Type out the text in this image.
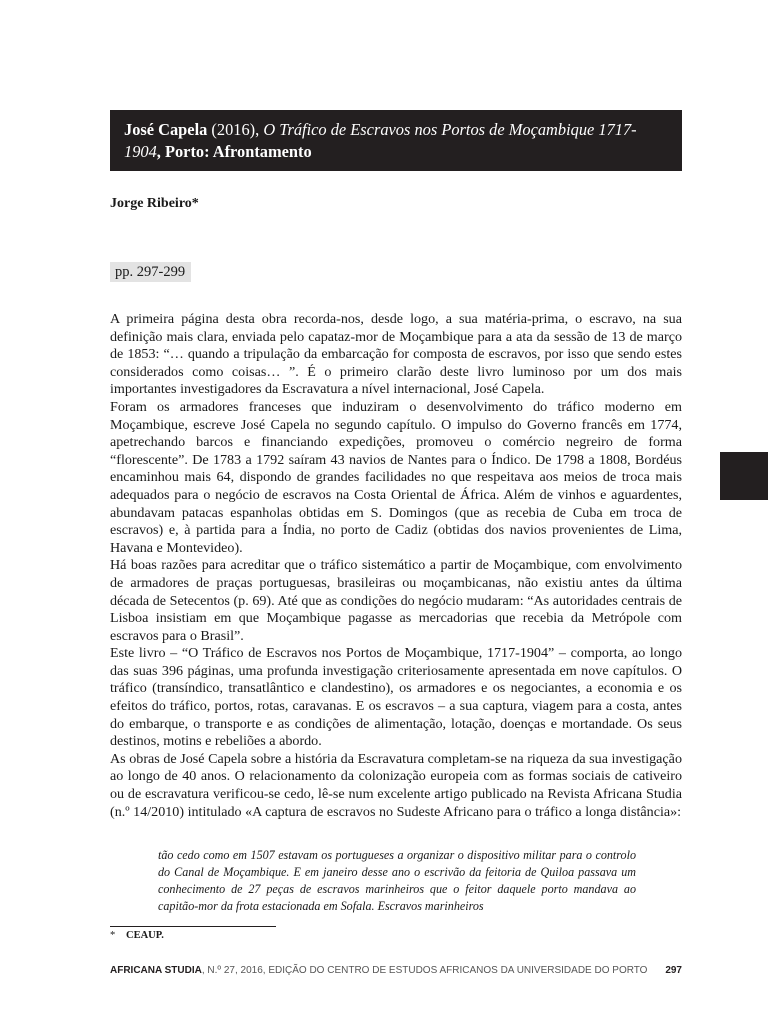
José Capela (2016), O Tráfico de Escravos nos Portos de Moçambique 1717-1904, Porto: Afrontamento
Jorge Ribeiro*
pp. 297-299

A primeira página desta obra recorda-nos, desde logo, a sua matéria-prima, o escravo, na sua definição mais clara, enviada pelo capataz-mor de Moçambique para a ata da sessão de 13 de março de 1853: “… quando a tripulação da embarcação for composta de escravos, por isso que sendo estes considerados como coisas… ”. É o primeiro clarão deste livro luminoso por um dos mais importantes investigadores da Escravatura a nível internacional, José Capela.

Foram os armadores franceses que induziram o desenvolvimento do tráfico moderno em Moçambique, escreve José Capela no segundo capítulo. O impulso do Governo francês em 1774, apetrechando barcos e financiando expedições, promoveu o comércio negreiro de forma “florescente”. De 1783 a 1792 saíram 43 navios de Nantes para o Índico. De 1798 a 1808, Bordéus encaminhou mais 64, dispondo de grandes facilidades no que respeitava aos meios de troca mais adequados para o negócio de escravos na Costa Oriental de África. Além de vinhos e aguardentes, abundavam patacas espanholas obtidas em S. Domingos (que as recebia de Cuba em troca de escravos) e, à partida para a Índia, no porto de Cadiz (obtidas dos navios provenientes de Lima, Havana e Montevideo).

Há boas razões para acreditar que o tráfico sistemático a partir de Moçambique, com envolvimento de armadores de praças portuguesas, brasileiras ou moçambicanas, não existiu antes da última década de Setecentos (p. 69). Até que as condições do negócio mudaram: “As autoridades centrais de Lisboa insistiam em que Moçambique pagasse as mercadorias que recebia da Metrópole com escravos para o Brasil”.

Este livro – “O Tráfico de Escravos nos Portos de Moçambique, 1717-1904” – comporta, ao longo das suas 396 páginas, uma profunda investigação criteriosamente apresentada em nove capítulos. O tráfico (transíndico, transatlântico e clandestino), os armadores e os negociantes, a economia e os efeitos do tráfico, portos, rotas, caravanas. E os escravos – a sua captura, viagem para a costa, antes do embarque, o transporte e as condições de alimentação, lotação, doenças e mortandade. Os seus destinos, motins e rebeliões a abordo.

As obras de José Capela sobre a história da Escravatura completam-se na riqueza da sua investigação ao longo de 40 anos. O relacionamento da colonização europeia com as formas sociais de cativeiro ou de escravatura verificou-se cedo, lê-se num excelente artigo publicado na Revista Africana Studia (n.º 14/2010) intitulado «A captura de escravos no Sudeste Africano para o tráfico a longa distância»:

tão cedo como em 1507 estavam os portugueses a organizar o dispositivo militar para o controlo do Canal de Moçambique. E em janeiro desse ano o escrivão da feitoria de Quiloa passava um conhecimento de 27 peças de escravos marinheiros que o feitor daquele porto mandava ao capitão-mor da frota estacionada em Sofala. Escravos marinheiros
* CEAUP.
AFRICANA STUDIA, N.º 27, 2016, EDIÇÃO DO CENTRO DE ESTUDOS AFRICANOS DA UNIVERSIDADE DO PORTO 297
